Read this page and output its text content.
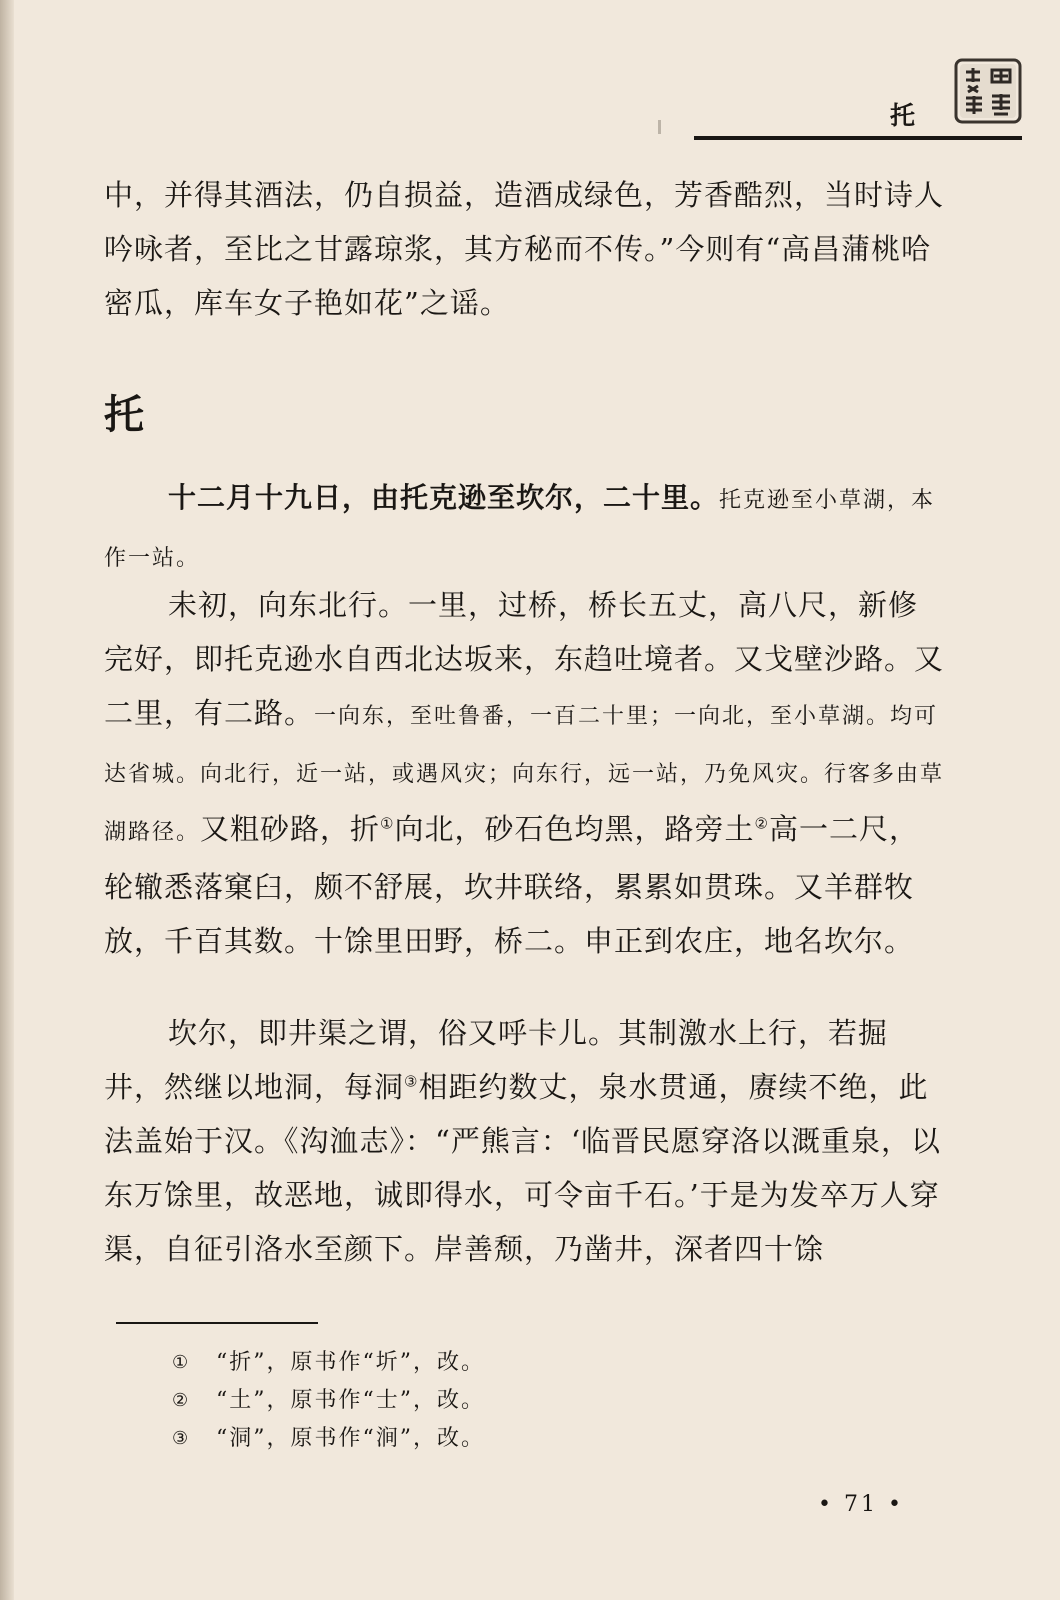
托

中，并得其酒法，仍自损益，造酒成绿色，芳香酷烈，当时诗人吟咏者，至比之甘露琼浆，其方秘而不传。”今则有“高昌蒲桃哈密瓜，库车女子艳如花”之谣。

托

十二月十九日，由托克逊至坎尔，二十里。托克逊至小草湖，本作一站。

未初，向东北行。一里，过桥，桥长五丈，高八尺，新修完好，即托克逊水自西北达坂来，东趋吐境者。又戈壁沙路。又二里，有二路。一向东，至吐鲁番，一百二十里；一向北，至小草湖。均可达省城。向北行，近一站，或遇风灾；向东行，远一站，乃免风灾。行客多由草湖路径。又粗砂路，折①向北，砂石色均黑，路旁土②高一二尺，轮辙悉落窠臼，颇不舒展，坎井联络，累累如贯珠。又羊群牧放，千百其数。十馀里田野，桥二。申正到农庄，地名坎尔。

坎尔，即井渠之谓，俗又呼卡儿。其制激水上行，若掘井，然继以地洞，每洞③相距约数丈，泉水贯通，赓续不绝，此法盖始于汉。《沟洫志》：“严熊言：‘临晋民愿穿洛以溉重泉，以东万馀里，故恶地，诚即得水，可令亩千石。’于是为发卒万人穿渠，自征引洛水至颜下。岸善颓，乃凿井，深者四十馀

①	“折”，原书作“圻”，改。
②	“土”，原书作“士”，改。
③	“洞”，原书作“涧”，改。
• 71 •
